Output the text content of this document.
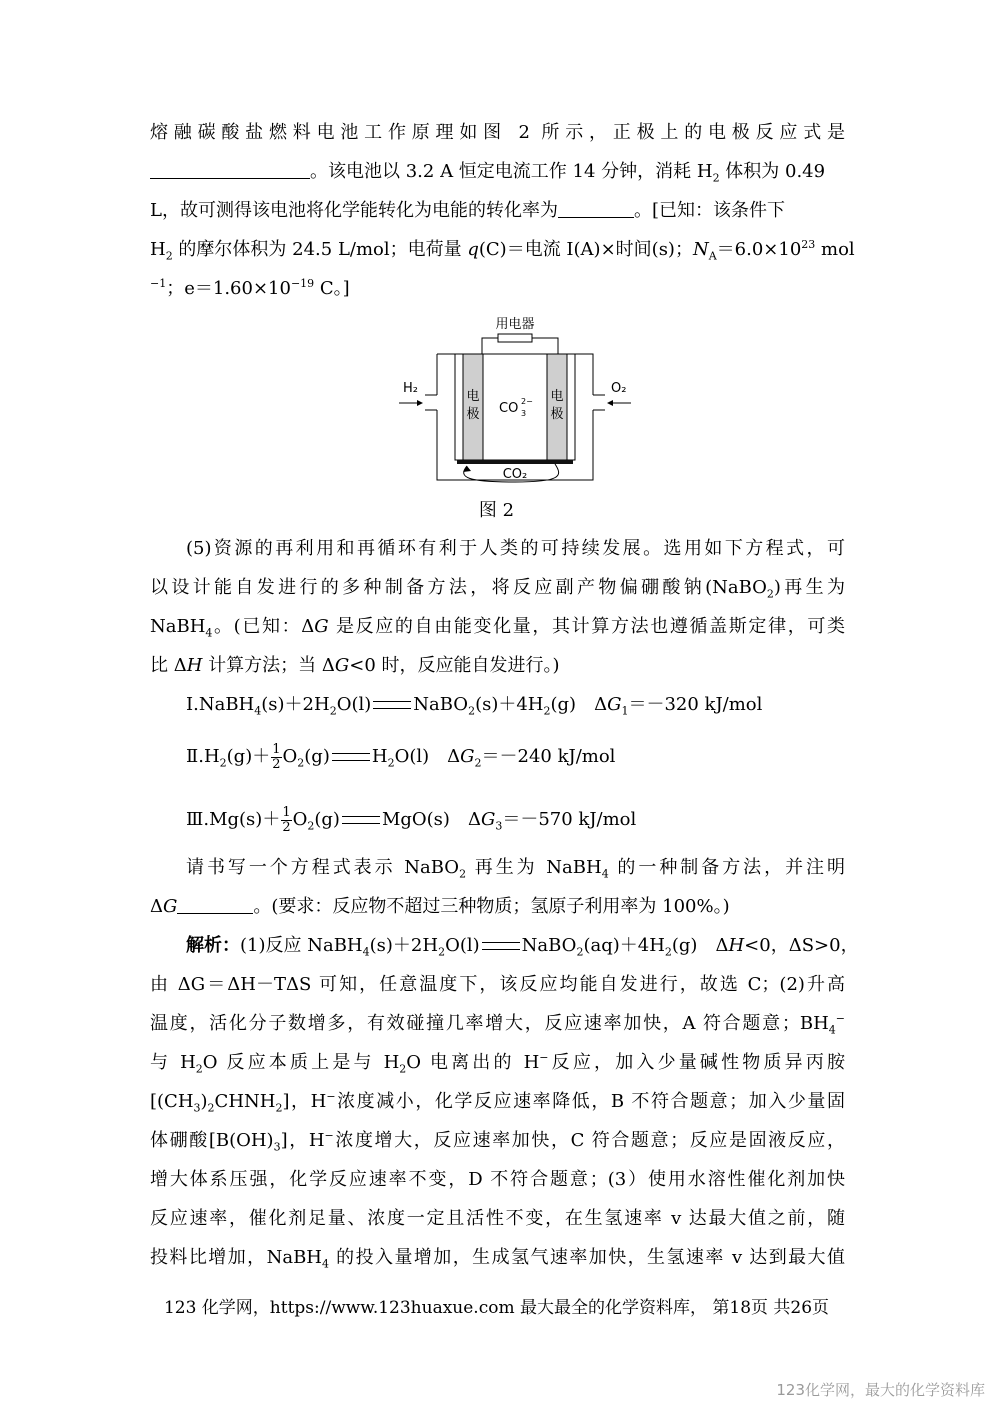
熔融碳酸盐燃料电池工作原理如图 2 所示，正极上的电极反应式是
。该电池以 3.2 A 恒定电流工作 14 分钟，消耗 $H_2$ 体积为 0.49
L，故可测得该电池将化学能转化为电能的转化率为	。[已知：该条件下
$H_2$ 的摩尔体积为 24.5 L/mol；电荷量 q(C)＝电流 I(A)×时间(s)；$N_A=6.0\times 10^{23}$ mol
$^{-1}$；$e=1.60\times 10^{-19}$ C。]
用电器
电
极
电
极
CO 3
2−
CO₂
H₂	O₂
图 2
(5)资源的再利用和再循环有利于人类的可持续发展。选用如下方程式，可
以设计能自发进行的多种制备方法，将反应副产物偏硼酸钠(NaBO$_2$)再生为
NaBH$_4$。(已知：ΔG 是反应的自由能变化量，其计算方法也遵循盖斯定律，可类
比 ΔH 计算方法；当 ΔG<0 时，反应能自发进行。)
$Ⅰ.NaBH_4(s)+2H_2O(l)$ $NaBO_2(s)+4H_2(g)$　$\Delta G_1=-320$ kJ/mol
$Ⅱ.H_2(g)+ \frac{1}{2} O_2(g)$ $H_2O(l)$　$\Delta G_2=-240$ kJ/mol
Ⅲ.Mg(s)＋ $\frac{1}{2} O_2(g)$ MgO(s)　$\Delta G_3=-570$ kJ/mol
请书写一个方程式表示 NaBO$_2$ 再生为 NaBH$_4$ 的一种制备方法，并注明
ΔG	。(要求：反应物不超过三种物质；氢原子利用率为 100%。)
解析：(1)反应 $NaBH_4(s)+2H_2O(l)$ $NaBO_2(aq)+4H_2(g)$　ΔH<0，ΔS>0，
由 ΔG＝ΔH－TΔS 可知，任意温度下，该反应均能自发进行，故选 C；(2)升高
温度，活化分子数增多，有效碰撞几率增大，反应速率加快，A 符合题意；$BH_4^-$
与 $H_2O$ 反应本质上是与 $H_2O$ 电离出的 H−反应，加入少量碱性物质异丙胺
$[(CH_3)_2CHNH_2]$，H−浓度减小，化学反应速率降低，B 不符合题意；加入少量固
体硼酸$[B(OH)_3]$，H−浓度增大，反应速率加快，C 符合题意；反应是固液反应，
增大体系压强，化学反应速率不变，D 不符合题意；(3）使用水溶性催化剂加快
反应速率，催化剂足量、浓度一定且活性不变，在生氢速率 v 达最大值之前，随
投料比增加，NaBH$_4$ 的投入量增加，生成氢气速率加快，生氢速率 v 达到最大值
123 化学网，https://www.123huaxue.com 最大最全的化学资料库， 第18页 共26页
123化学网，最大的化学资料库
